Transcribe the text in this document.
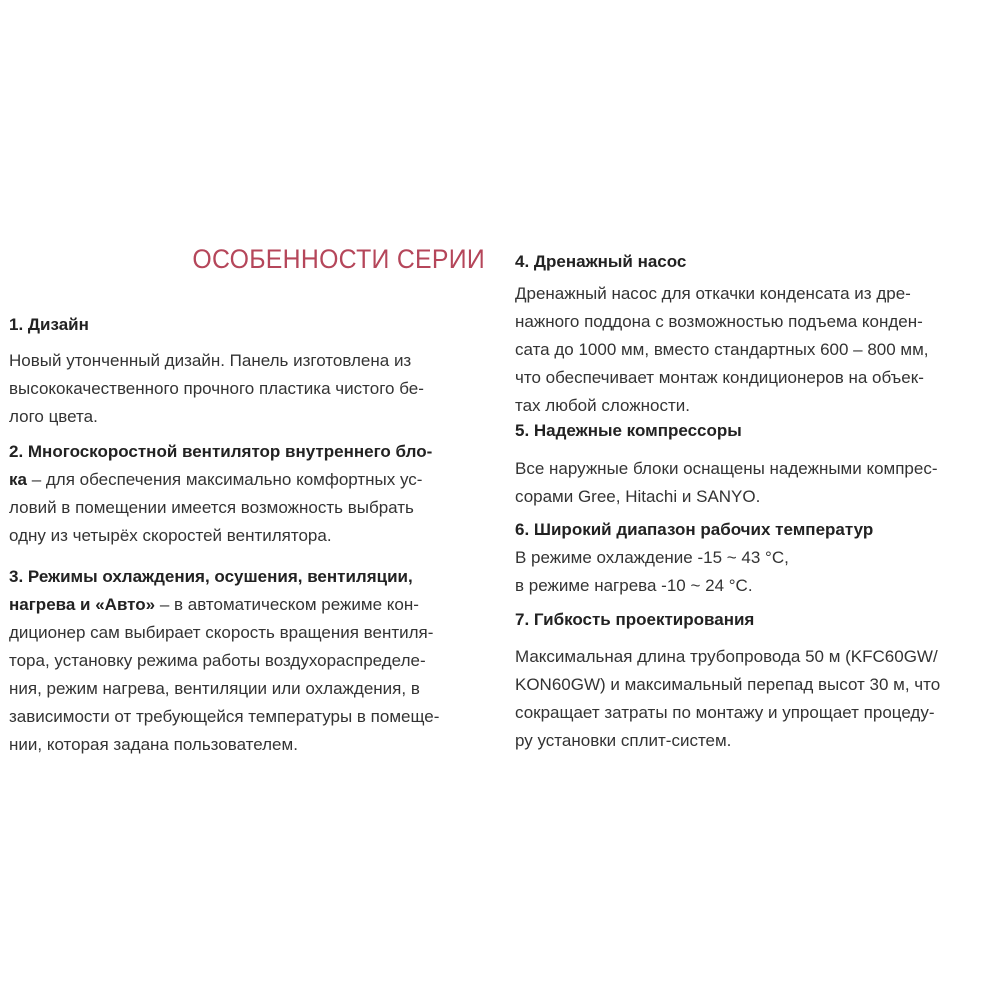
ОСОБЕННОСТИ СЕРИИ
1. Дизайн
Новый утонченный дизайн. Панель изготовлена из
высококачественного прочного пластика чистого бе-
лого цвета.
2. Многоскоростной вентилятор внутреннего бло-
ка – для обеспечения максимально комфортных ус-
ловий в помещении имеется возможность выбрать
одну из четырёх скоростей вентилятора.
3. Режимы охлаждения, осушения, вентиляции,
нагрева и «Авто» – в автоматическом режиме кон-
диционер сам выбирает скорость вращения вентиля-
тора, установку режима работы воздухораспределе-
ния, режим нагрева, вентиляции или охлаждения, в
зависимости от требующейся температуры в помеще-
нии, которая задана пользователем.
4. Дренажный насос
Дренажный насос для откачки конденсата из дре-
нажного поддона с возможностью подъема конден-
сата до 1000 мм, вместо стандартных 600 – 800 мм,
что обеспечивает монтаж кондиционеров на объек-
тах любой сложности.
5. Надежные компрессоры
Все наружные блоки оснащены надежными компрес-
сорами Gree, Hitachi и SANYO.
6. Широкий диапазон рабочих температур
В режиме охлаждение -15 ~ 43 °С,
в режиме нагрева -10 ~ 24 °С.
7. Гибкость проектирования
Максимальная длина трубопровода 50 м (KFC60GW/
KON60GW) и максимальный перепад высот 30 м, что
сокращает затраты по монтажу и упрощает процеду-
ру установки сплит-систем.
